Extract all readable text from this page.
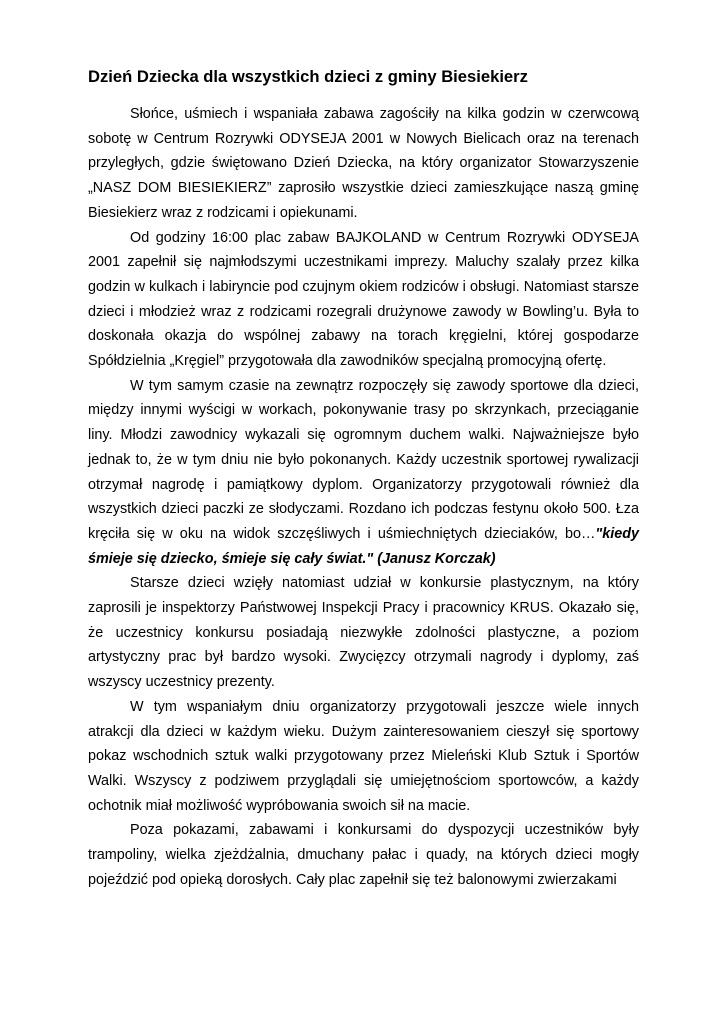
Dzień Dziecka dla wszystkich dzieci z gminy Biesiekierz

Słońce, uśmiech i wspaniała zabawa zagościły na kilka godzin w czerwcową sobotę w Centrum Rozrywki ODYSEJA 2001 w Nowych Bielicach oraz na terenach przyległych, gdzie świętowano Dzień Dziecka, na który organizator Stowarzyszenie „NASZ DOM BIESIEKIERZ” zaprosiło wszystkie dzieci zamieszkujące naszą gminę Biesiekierz wraz z rodzicami i opiekunami.

Od godziny 16:00 plac zabaw BAJKOLAND w Centrum Rozrywki ODYSEJA 2001 zapełnił się najmłodszymi uczestnikami imprezy. Maluchy szalały przez kilka godzin w kulkach i labiryncie pod czujnym okiem rodziców i obsługi. Natomiast starsze dzieci i młodzież wraz z rodzicami rozegrali drużynowe zawody w Bowling’u. Była to doskonała okazja do wspólnej zabawy na torach kręgielni, której gospodarze Spółdzielnia „Kręgiel” przygotowała dla zawodników specjalną promocyjną ofertę.

W tym samym czasie na zewnątrz rozpoczęły się zawody sportowe dla dzieci, między innymi wyścigi w workach, pokonywanie trasy po skrzynkach, przeciąganie liny. Młodzi zawodnicy wykazali się ogromnym duchem walki. Najważniejsze było jednak to, że w tym dniu nie było pokonanych. Każdy uczestnik sportowej rywalizacji otrzymał nagrodę i pamiątkowy dyplom. Organizatorzy przygotowali również dla wszystkich dzieci paczki ze słodyczami. Rozdano ich podczas festynu około 500. Łza kręciła się w oku na widok szczęśliwych i uśmiechniętych dzieciaków, bo…"kiedy śmieje się dziecko, śmieje się cały świat." (Janusz Korczak)

Starsze dzieci wzięły natomiast udział w konkursie plastycznym, na który zaprosili je inspektorzy Państwowej Inspekcji Pracy i pracownicy KRUS. Okazało się, że uczestnicy konkursu posiadają niezwykłe zdolności plastyczne, a poziom artystyczny prac był bardzo wysoki. Zwycięzcy otrzymali nagrody i dyplomy, zaś wszyscy uczestnicy prezenty.

W tym wspaniałym dniu organizatorzy przygotowali jeszcze wiele innych atrakcji dla dzieci w każdym wieku. Dużym zainteresowaniem cieszył się sportowy pokaz wschodnich sztuk walki przygotowany przez Mieleński Klub Sztuk i Sportów Walki. Wszyscy z podziwem przyglądali się umiejętnościom sportowców, a każdy ochotnik miał możliwość wypróbowania swoich sił na macie.

Poza pokazami, zabawami i konkursami do dyspozycji uczestników były trampoliny, wielka zjeżdżalnia, dmuchany pałac i quady, na których dzieci mogły pojeździć pod opieką dorosłych. Cały plac zapełnił się też balonowymi zwierzakami
